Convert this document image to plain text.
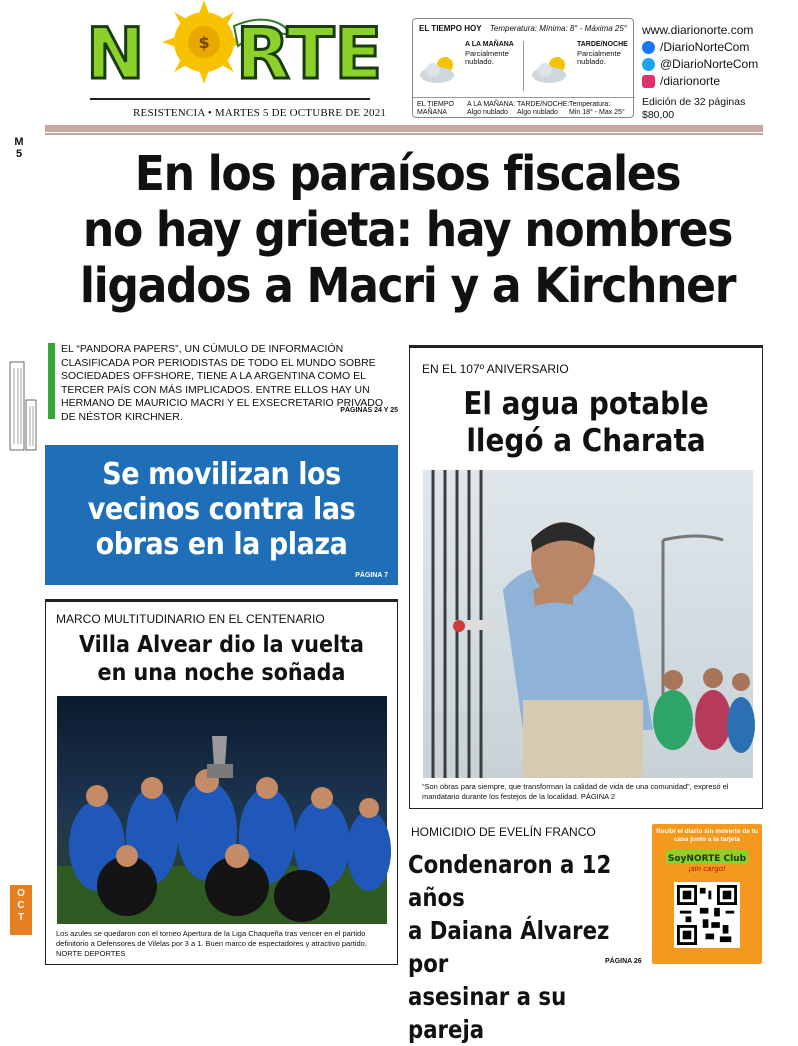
$
N RTE
RESISTENCIA • MARTES 5 DE OCTUBRE DE 2021
EL TIEMPO HOY Temperatura: Mínima: 8° - Máxima 25°
A LA MAÑANA
Parcialmente nublado.
TARDE/NOCHE
Parcialmente nublado.
EL TIEMPO MAÑANA
A LA MAÑANA:
Algo nublado
TARDE/NOCHE:
Algo nublado
Temperatura:
Min 18° - Max 25°
www.diarionorte.com
/DiarioNorteCom
@DiarioNorteCom
/diarionorte
Edición de 32 páginas
$80,00
M
5	En los paraísos fiscales
no hay grieta: hay nombres
ligados a Macri y a Kirchner
O
C
T
EL “PANDORA PAPERS”, UN CÚMULO DE INFORMACIÓN CLASIFICADA POR PERIODISTAS DE TODO EL MUNDO SOBRE SOCIEDADES OFFSHORE, TIENE A LA ARGENTINA COMO EL TERCER PAÍS CON MÁS IMPLICADOS. ENTRE ELLOS HAY UN HERMANO DE MAURICIO MACRI Y EL EXSECRETARIO PRIVADO DE NÉSTOR KIRCHNER.
PÁGINAS 24 Y 25
Se movilizan los vecinos contra las obras en la plaza
PÁGINA 7
MARCO MULTITUDINARIO EN EL CENTENARIO
Villa Alvear dio la vuelta
en una noche soñada
Los azules se quedaron con el torneo Apertura de la Liga Chaqueña tras vencer en el partido definitorio a Defensores de Vilelas por 3 a 1. Buen marco de espectadores y atractivo partido. NORTE DEPORTES
EN EL 107º ANIVERSARIO
El agua potable
llegó a Charata
“Son obras para siempre, que transforman la calidad de vida de una comunidad”, expresó el mandatario durante los festejos de la localidad. PÁGINA 2
HOMICIDIO DE EVELÍN FRANCO
Condenaron a 12 años
a Daiana Álvarez por
asesinar a su pareja
PÁGINA 26
Recibí el diario sin moverte de tu casa junto a la tarjeta
SoyNORTE Club
¡sin cargo!
